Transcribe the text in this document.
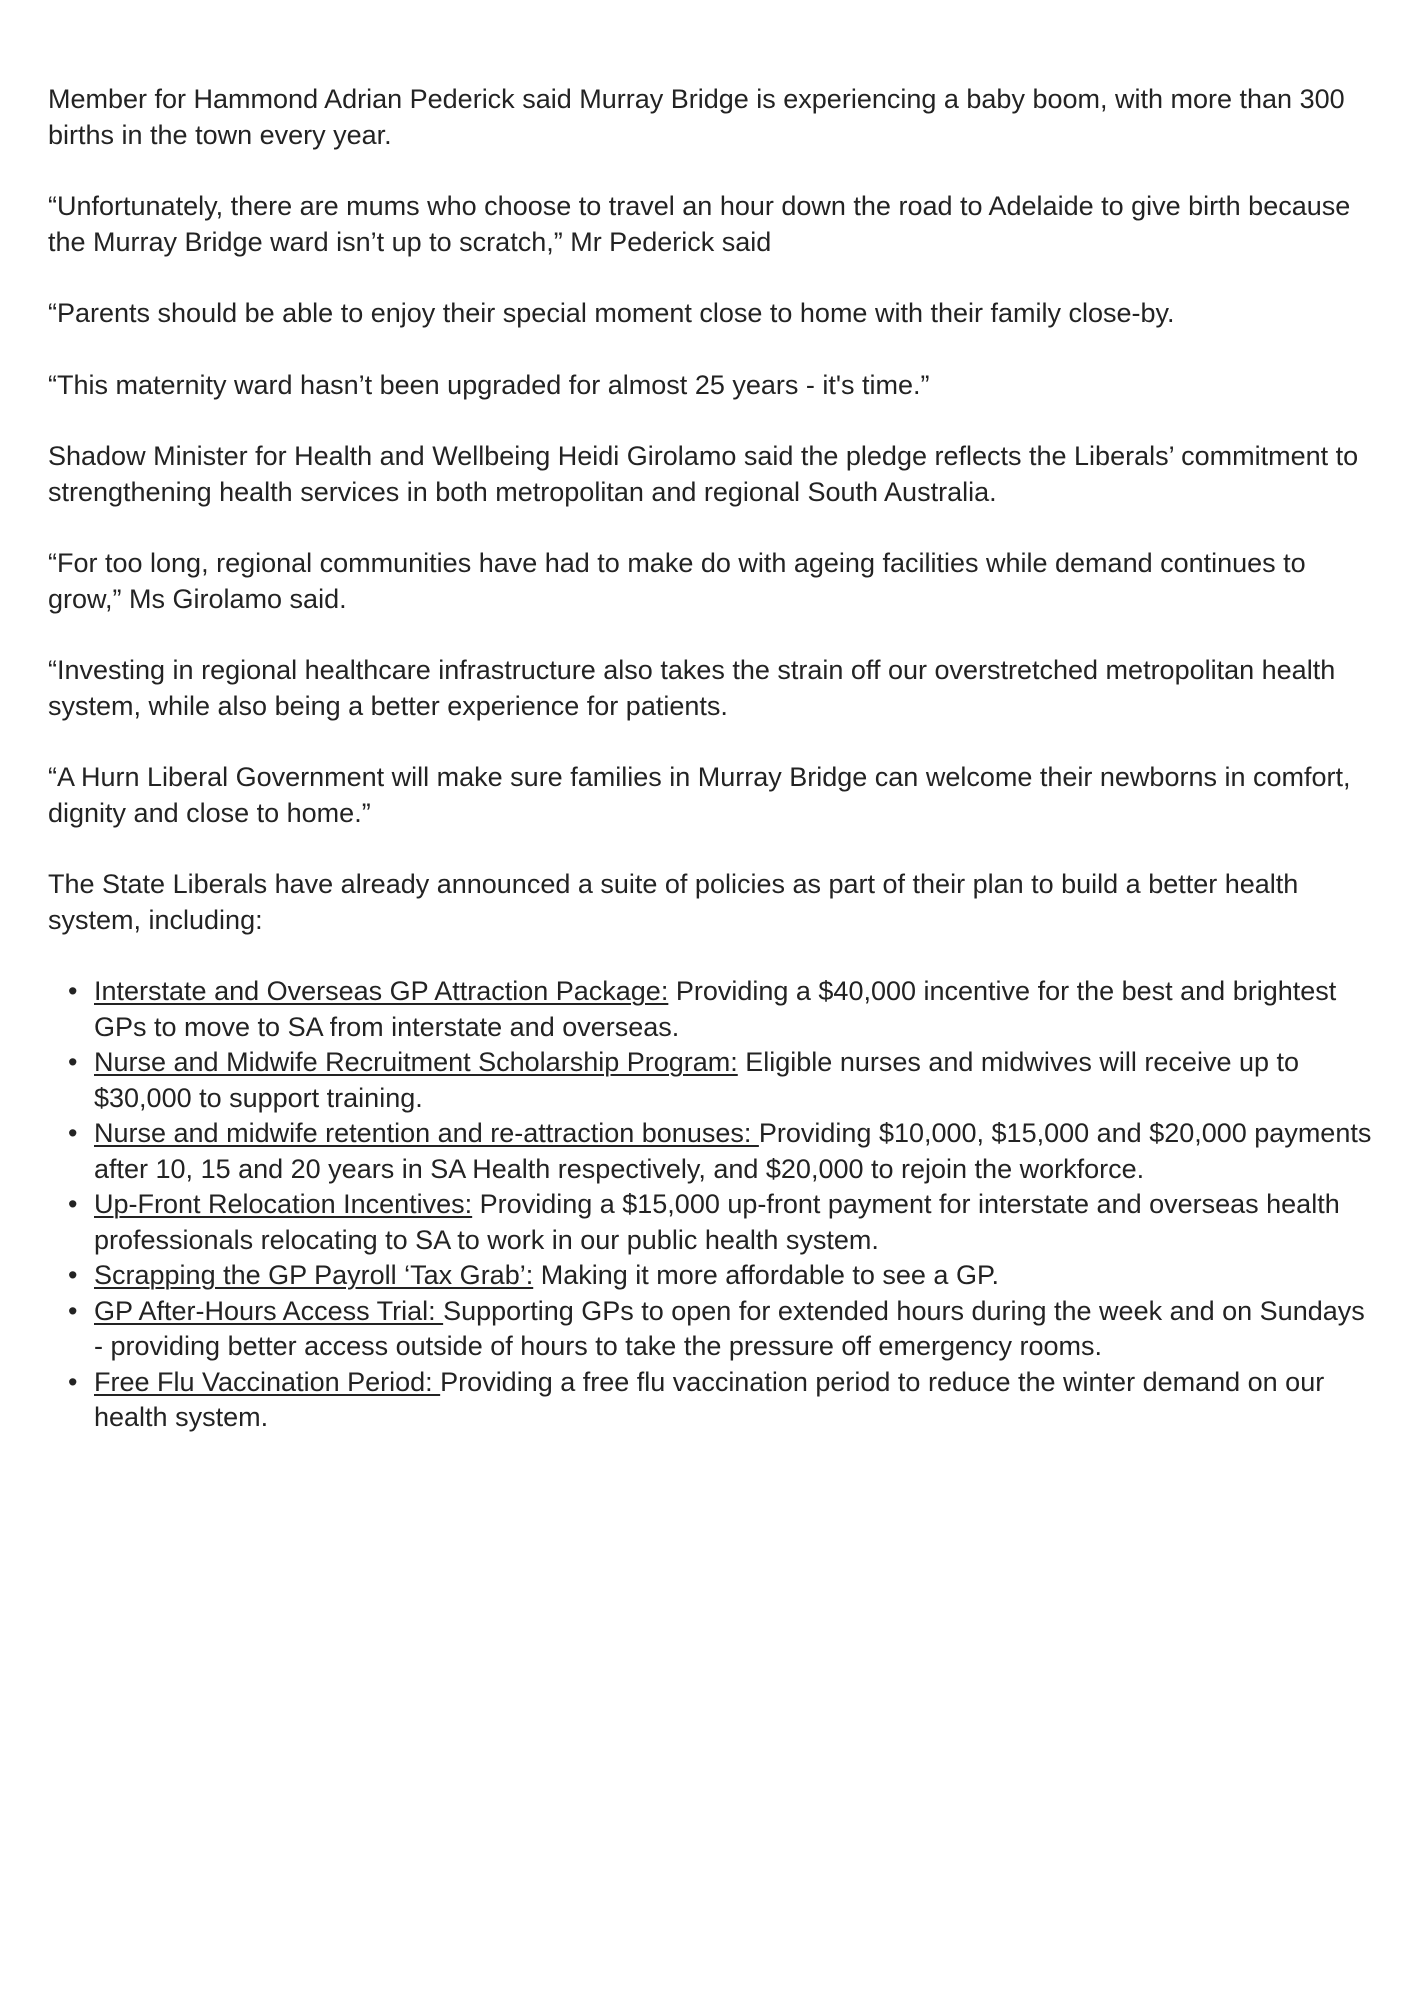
Member for Hammond Adrian Pederick said Murray Bridge is experiencing a baby boom, with more than 300 births in the town every year.

“Unfortunately, there are mums who choose to travel an hour down the road to Adelaide to give birth because the Murray Bridge ward isn’t up to scratch,” Mr Pederick said

“Parents should be able to enjoy their special moment close to home with their family close-by.

“This maternity ward hasn’t been upgraded for almost 25 years - it's time.”

Shadow Minister for Health and Wellbeing Heidi Girolamo said the pledge reflects the Liberals’ commitment to strengthening health services in both metropolitan and regional South Australia.

“For too long, regional communities have had to make do with ageing facilities while demand continues to grow,” Ms Girolamo said.

“Investing in regional healthcare infrastructure also takes the strain off our overstretched metropolitan health system, while also being a better experience for patients.

“A Hurn Liberal Government will make sure families in Murray Bridge can welcome their newborns in comfort, dignity and close to home.”

The State Liberals have already announced a suite of policies as part of their plan to build a better health system, including:

• Interstate and Overseas GP Attraction Package: Providing a $40,000 incentive for the best and brightest GPs to move to SA from interstate and overseas.
• Nurse and Midwife Recruitment Scholarship Program: Eligible nurses and midwives will receive up to $30,000 to support training.
• Nurse and midwife retention and re-attraction bonuses: Providing $10,000, $15,000 and $20,000 payments after 10, 15 and 20 years in SA Health respectively, and $20,000 to rejoin the workforce.
• Up-Front Relocation Incentives: Providing a $15,000 up-front payment for interstate and overseas health professionals relocating to SA to work in our public health system.
• Scrapping the GP Payroll ‘Tax Grab’: Making it more affordable to see a GP.
• GP After-Hours Access Trial: Supporting GPs to open for extended hours during the week and on Sundays - providing better access outside of hours to take the pressure off emergency rooms.
• Free Flu Vaccination Period: Providing a free flu vaccination period to reduce the winter demand on our health system.
